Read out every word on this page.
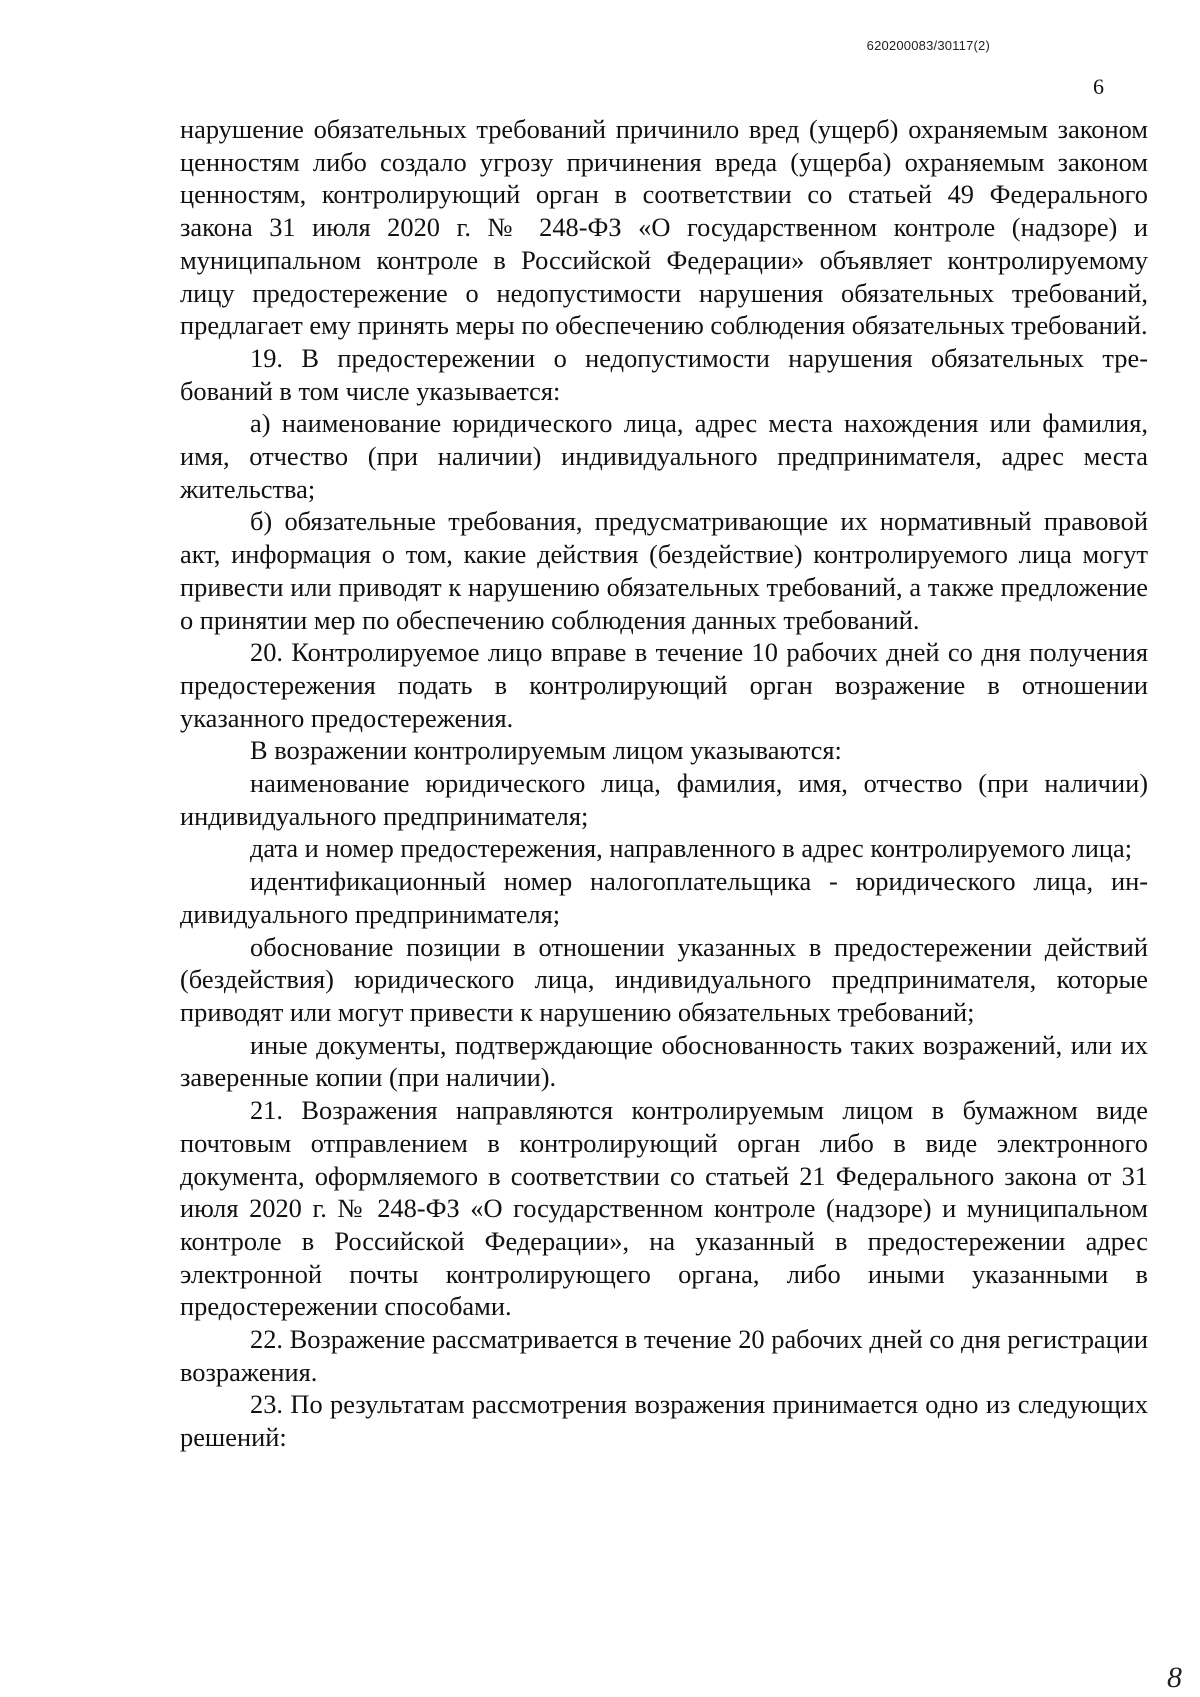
620200083/30117(2)
6

нарушение обязательных требований причинило вред (ущерб) охраняемым законом ценностям либо создало угрозу причинения вреда (ущерба) охраняемым законом ценностям, контролирующий орган в соответствии со статьей 49 Федерального закона 31 июля 2020 г. № 248-ФЗ «О государственном контроле (надзоре) и муниципальном контроле в Российской Федерации» объявляет контролируемому лицу предостережение о недопустимости нарушения обязательных требований, предлагает ему принять меры по обеспечению соблюдения обязательных требований.

19. В предостережении о недопустимости нарушения обязательных требований в том числе указывается:

а) наименование юридического лица, адрес места нахождения или фамилия, имя, отчество (при наличии) индивидуального предпринимателя, адрес места жительства;

б) обязательные требования, предусматривающие их нормативный правовой акт, информация о том, какие действия (бездействие) контролируемого лица могут привести или приводят к нарушению обязательных требований, а также предложение о принятии мер по обеспечению соблюдения данных требований.

20. Контролируемое лицо вправе в течение 10 рабочих дней со дня получения предостережения подать в контролирующий орган возражение в отношении указанного предостережения.

В возражении контролируемым лицом указываются:

наименование юридического лица, фамилия, имя, отчество (при наличии) индивидуального предпринимателя;

дата и номер предостережения, направленного в адрес контролируемого лица;

идентификационный номер налогоплательщика - юридического лица, индивидуального предпринимателя;

обоснование позиции в отношении указанных в предостережении действий (бездействия) юридического лица, индивидуального предпринимателя, которые приводят или могут привести к нарушению обязательных требований;

иные документы, подтверждающие обоснованность таких возражений, или их заверенные копии (при наличии).

21. Возражения направляются контролируемым лицом в бумажном виде почтовым отправлением в контролирующий орган либо в виде электронного документа, оформляемого в соответствии со статьей 21 Федерального закона от 31 июля 2020 г. № 248-ФЗ «О государственном контроле (надзоре) и муниципальном контроле в Российской Федерации», на указанный в предостережении адрес электронной почты контролирующего органа, либо иными указанными в предостережении способами.

22. Возражение рассматривается в течение 20 рабочих дней со дня регистрации возражения.

23. По результатам рассмотрения возражения принимается одно из следующих решений:

8
